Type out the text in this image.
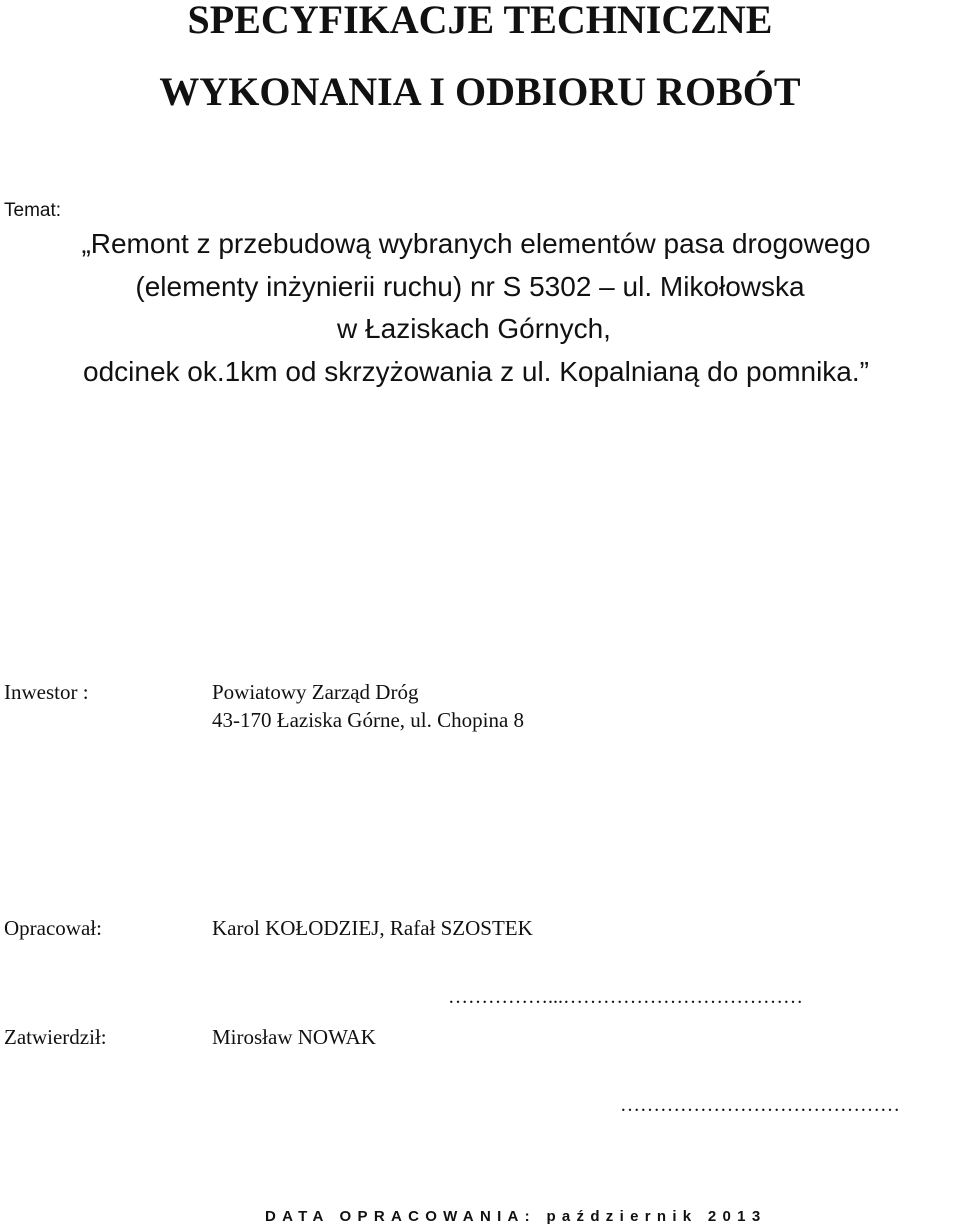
SPECYFIKACJE TECHNICZNE
WYKONANIA I ODBIORU ROBÓT
Temat:
„Remont z przebudową wybranych elementów pasa drogowego
(elementy inżynierii ruchu) nr S 5302 – ul. Mikołowska
w Łaziskach Górnych,
odcinek ok.1km od skrzyżowania z ul. Kopalnianą do pomnika.”
Inwestor :	Powiatowy Zarząd Dróg
43-170 Łaziska Górne, ul. Chopina 8
Opracował:	Karol KOŁODZIEJ, Rafał SZOSTEK
……………...………………………………
Zatwierdził:	Mirosław NOWAK
……………………………………
DATA OPRACOWANIA: październik 2013
